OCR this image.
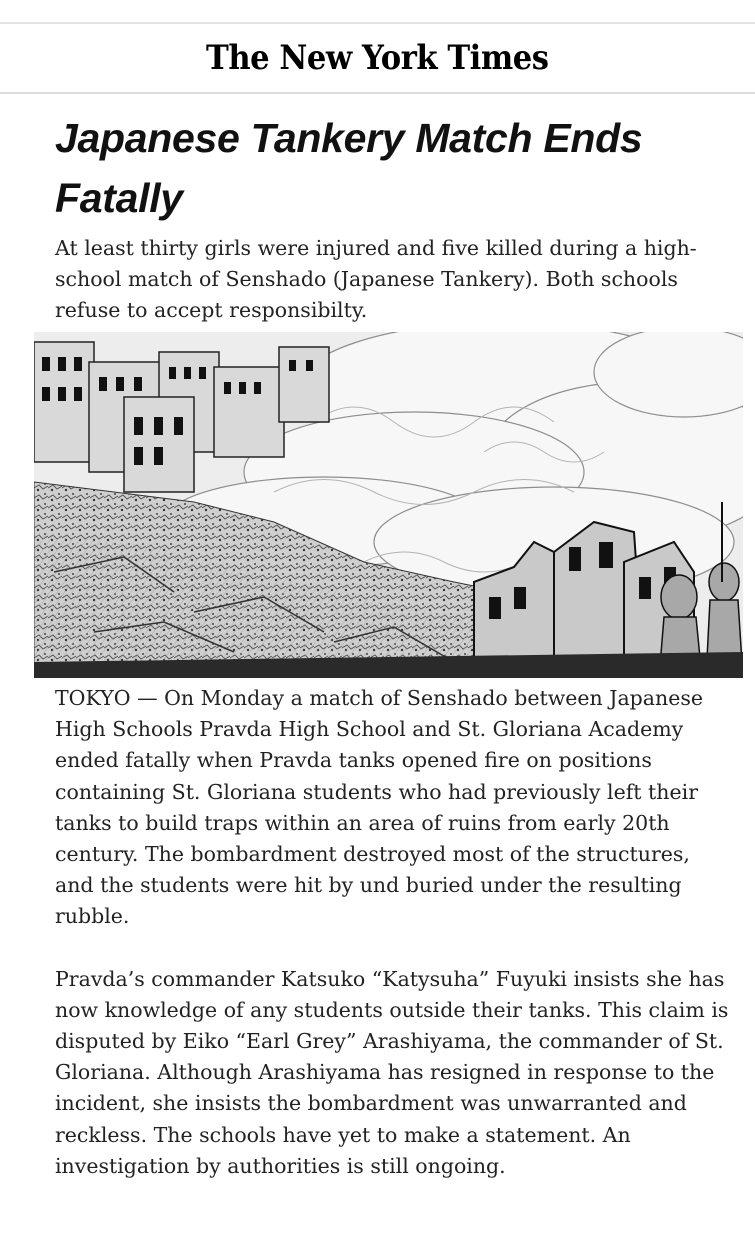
The New York Times
Japanese Tankery Match Ends Fatally

At least thirty girls were injured and five killed during a high-school match of Senshado (Japanese Tankery). Both schools refuse to accept responsibilty.

TOKYO — On Monday a match of Senshado between Japanese High Schools Pravda High School and St. Gloriana Academy ended fatally when Pravda tanks opened fire on positions containing St. Gloriana students who had previously left their tanks to build traps within an area of ruins from early 20th century. The bombardment destroyed most of the structures, and the students were hit by und buried under the resulting rubble.

Pravda’s commander Katsuko “Katysuha” Fuyuki insists she has now knowledge of any students outside their tanks. This claim is disputed by Eiko “Earl Grey” Arashiyama, the commander of St. Gloriana. Although Arashiyama has resigned in response to the incident, she insists the bombardment was unwarranted and reckless. The schools have yet to make a statement. An investigation by authorities is still ongoing.
